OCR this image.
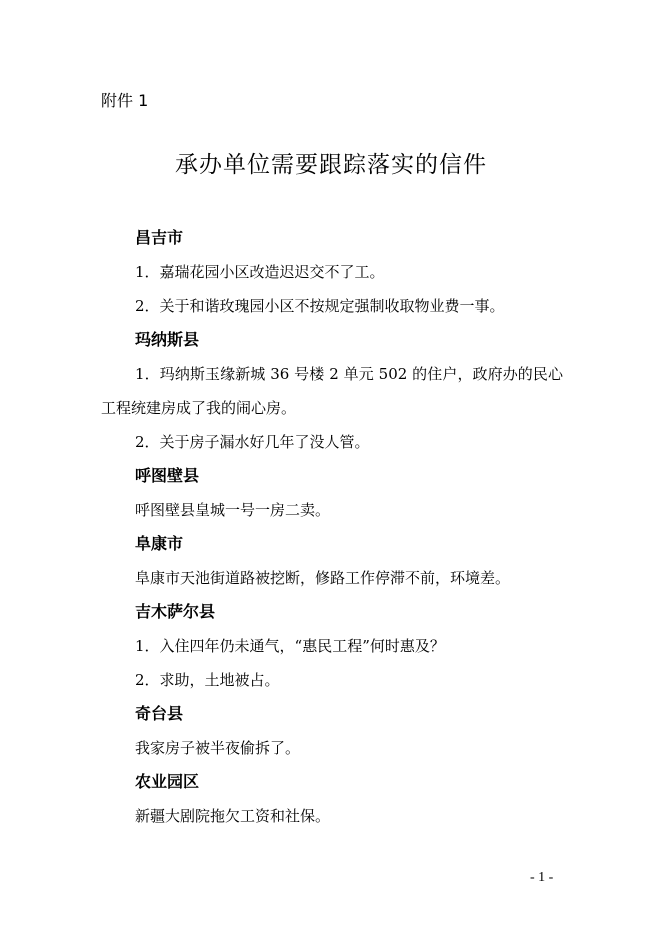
附件 1
承办单位需要跟踪落实的信件
昌吉市
1．嘉瑞花园小区改造迟迟交不了工。
2．关于和谐玫瑰园小区不按规定强制收取物业费一事。
玛纳斯县
1．玛纳斯玉缘新城 36 号楼 2 单元 502 的住户，政府办的民心工程统建房成了我的闹心房。
2．关于房子漏水好几年了没人管。
呼图壁县
呼图壁县皇城一号一房二卖。
阜康市
阜康市天池街道路被挖断，修路工作停滞不前，环境差。
吉木萨尔县
1．入住四年仍未通气，“惠民工程”何时惠及？
2．求助，土地被占。
奇台县
我家房子被半夜偷拆了。
农业园区
新疆大剧院拖欠工资和社保。
- 1 -
